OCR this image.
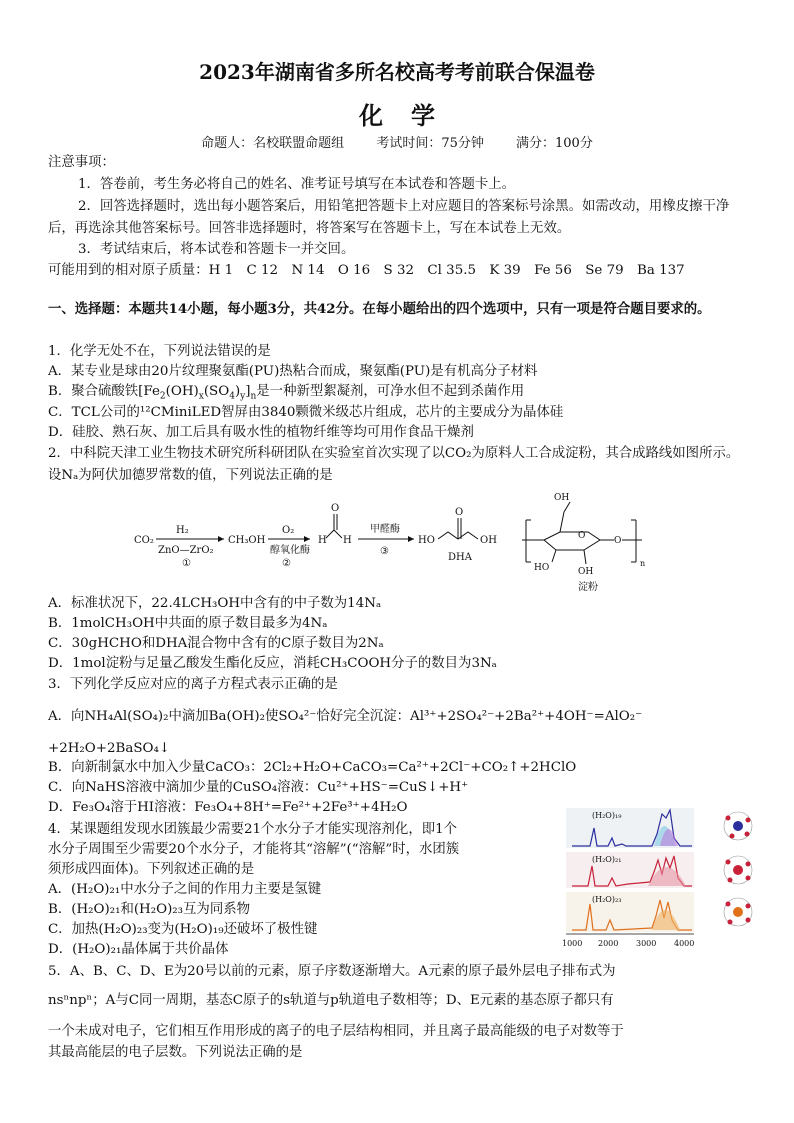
2023年湖南省多所名校高考考前联合保温卷
化学
命题人：名校联盟命题组 考试时间：75分钟 满分：100分
注意事项：
1．答卷前，考生务必将自己的姓名、准考证号填写在本试卷和答题卡上。
2．回答选择题时，选出每小题答案后，用铅笔把答题卡上对应题目的答案标号涂黑。如需改动，用橡皮擦干净后，再选涂其他答案标号。回答非选择题时，将答案写在答题卡上，写在本试卷上无效。
3．考试结束后，将本试卷和答题卡一并交回。
可能用到的相对原子质量：H 1　C 12　N 14　O 16　S 32　Cl 35.5　K 39　Fe 56　Se 79　Ba 137
一、选择题：本题共14小题，每小题3分，共42分。在每小题给出的四个选项中，只有一项是符合题目要求的。
1．化学无处不在，下列说法错误的是
A．某专业是球由20片纹理聚氨酯(PU)热粘合而成，聚氨酯(PU)是有机高分子材料
B．聚合硫酸铁$[Fe_2(OH)_x(SO_4)_y]_n$是一种新型絮凝剂，可净水但不起到杀菌作用
C．TCL公司的¹²CMiniLED智屏由3840颗微米级芯片组成，芯片的主要成分为晶体硅
D．硅胶、熟石灰、加工后具有吸水性的植物纤维等均可用作食品干燥剂
2．中科院天津工业生物技术研究所科研团队在实验室首次实现了以CO₂为原料人工合成淀粉，其合成路线如图所示。设Nₐ为阿伏加德罗常数的值，下列说法正确的是
CO₂
H₂
ZnO—ZrO₂
①
CH₃OH
O₂
醇氧化酶
②
H
O
H
甲醛酶
③
HO
O
OH
DHA
O
OH
HO	OH
O
n
淀粉
A．标准状况下，22.4LCH₃OH中含有的中子数为14Nₐ
B．1molCH₃OH中共面的原子数目最多为4Nₐ
C．30gHCHO和DHA混合物中含有的C原子数目为2Nₐ
D．1mol淀粉与足量乙酸发生酯化反应，消耗CH₃COOH分子的数目为3Nₐ
3．下列化学反应对应的离子方程式表示正确的是
A．向NH₄Al(SO₄)₂中滴加Ba(OH)₂使SO₄²⁻恰好完全沉淀：Al³⁺+2SO₄²⁻+2Ba²⁺+4OH⁻=AlO₂⁻
+2H₂O+2BaSO₄↓
B．向新制氯水中加入少量CaCO₃：2Cl₂+H₂O+CaCO₃=Ca²⁺+2Cl⁻+CO₂↑+2HClO
C．向NaHS溶液中滴加少量的CuSO₄溶液：Cu²⁺+HS⁻=CuS↓+H⁺
D．Fe₃O₄溶于HI溶液：Fe₃O₄+8H⁺=Fe²⁺+2Fe³⁺+4H₂O
4．某课题组发现水团簇最少需要21个水分子才能实现溶剂化，即1个
水分子周围至少需要20个水分子，才能将其“溶解”(“溶解”时，水团簇
须形成四面体)。下列叙述正确的是
A．(H₂O)₂₁中水分子之间的作用力主要是氢键
B．(H₂O)₂₁和(H₂O)₂₃互为同系物
C．加热(H₂O)₂₃变为(H₂O)₁₉还破坏了极性键
D．(H₂O)₂₁晶体属于共价晶体
(H₂O)₁₉
(H₂O)₂₁
(H₂O)₂₃
1000 2000 3000 4000
5．A、B、C、D、E为20号以前的元素，原子序数逐渐增大。A元素的原子最外层电子排布式为
nsⁿnpⁿ；A与C同一周期，基态C原子的s轨道与p轨道电子数相等；D、E元素的基态原子都只有
一个未成对电子，它们相互作用形成的离子的电子层结构相同，并且离子最高能级的电子对数等于
其最高能层的电子层数。下列说法正确的是
